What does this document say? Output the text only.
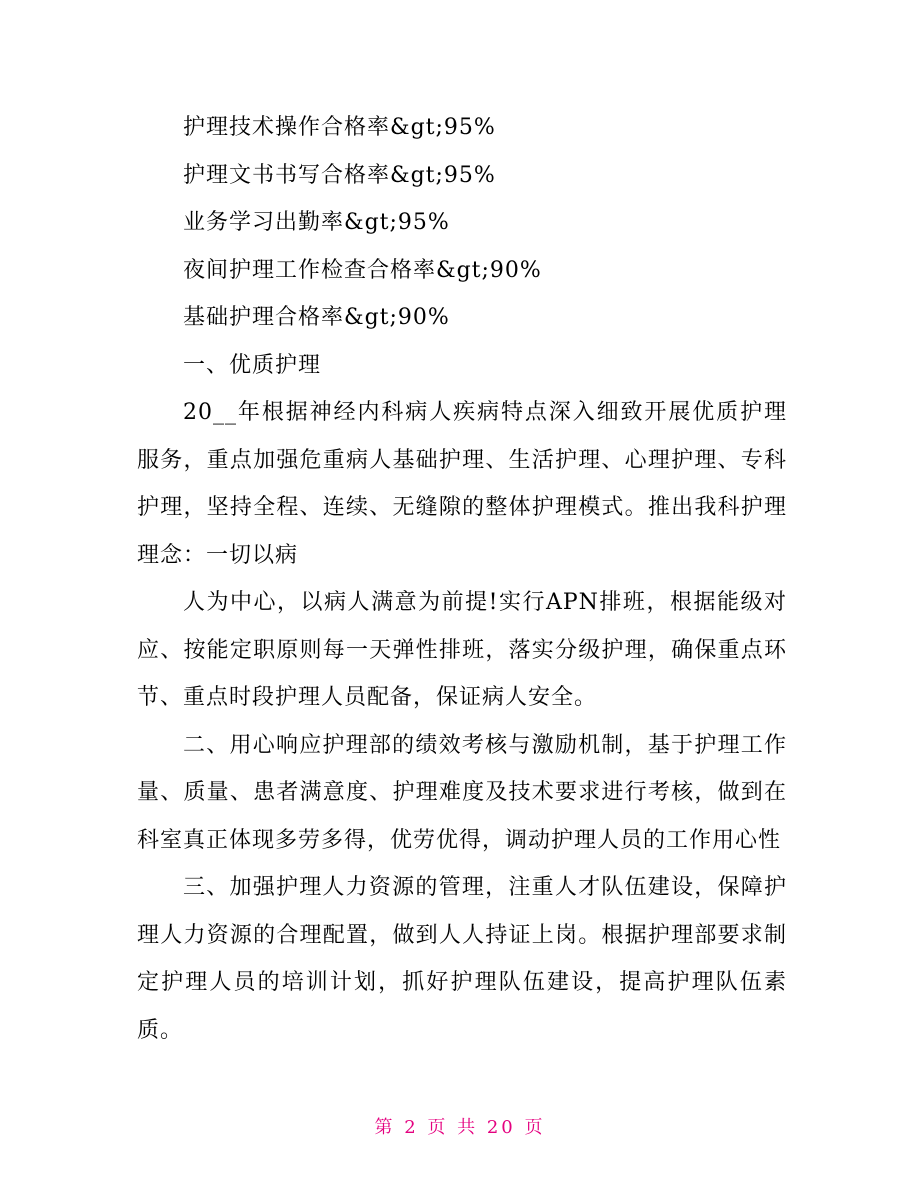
护理技术操作合格率&gt;95%

护理文书书写合格率&gt;95%

业务学习出勤率&gt;95%

夜间护理工作检查合格率&gt;90%

基础护理合格率&gt;90%

一、优质护理

20__年根据神经内科病人疾病特点深入细致开展优质护理服务，重点加强危重病人基础护理、生活护理、心理护理、专科护理，坚持全程、连续、无缝隙的整体护理模式。推出我科护理理念：一切以病

人为中心，以病人满意为前提!实行APN排班，根据能级对应、按能定职原则每一天弹性排班，落实分级护理，确保重点环节、重点时段护理人员配备，保证病人安全。

二、用心响应护理部的绩效考核与激励机制，基于护理工作量、质量、患者满意度、护理难度及技术要求进行考核，做到在科室真正体现多劳多得，优劳优得，调动护理人员的工作用心性

三、加强护理人力资源的管理，注重人才队伍建设，保障护理人力资源的合理配置，做到人人持证上岗。根据护理部要求制定护理人员的培训计划，抓好护理队伍建设，提高护理队伍素质。

第 2 页 共 20 页
